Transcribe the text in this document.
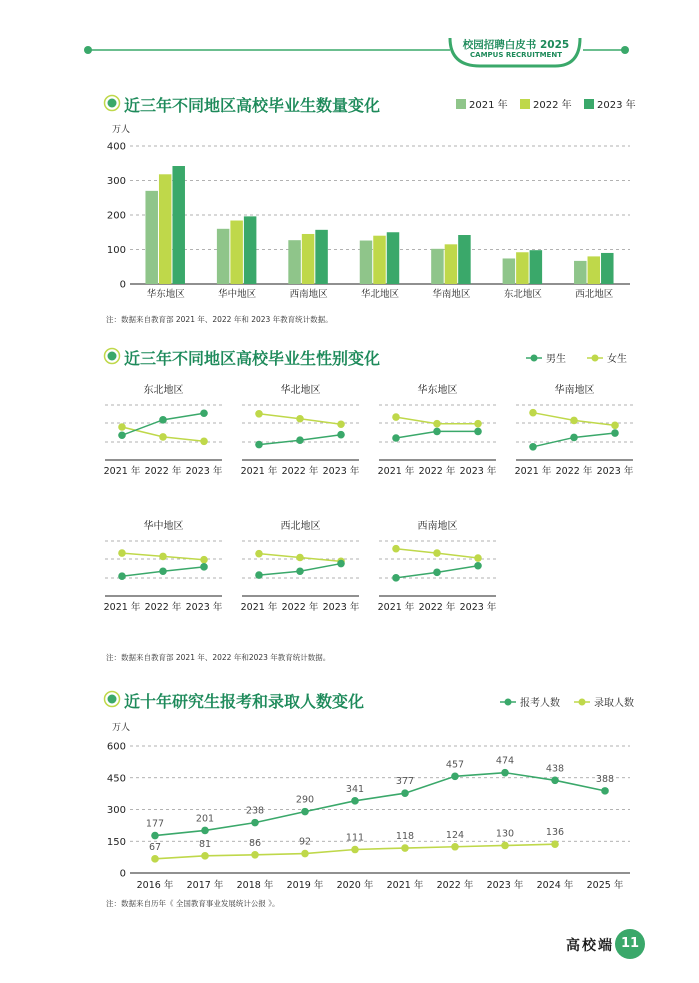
校园招聘白皮书 2025
CAMPUS RECRUITMENT
近三年不同地区高校毕业生数量变化
万人
0
100
200
300
400
华东地区	华中地区	西南地区	华北地区	华南地区	东北地区	西北地区
2021 年	2022 年	2023 年
注：数据来自教育部 2021 年、2022 年和 2023 年教育统计数据。
近三年不同地区高校毕业生性别变化	男生	女生
东北地区
2021 年 2022 年 2023 年
华北地区
2021 年 2022 年 2023 年
华东地区
2021 年 2022 年 2023 年
华南地区
2021 年 2022 年 2023 年
华中地区
2021 年 2022 年 2023 年
西北地区
2021 年 2022 年 2023 年
西南地区
2021 年 2022 年 2023 年
注：数据来自教育部 2021 年、2022 年和2023 年教育统计数据。
近十年研究生报考和录取人数变化
万人
0
150
300
450
600
2016 年 2017 年 2018 年 2019 年 2020 年 2021 年 2022 年 2023 年 2024 年 2025 年
177	201
238
290
341
377
457	474
438
388
67	81	86	92	111	118	124	130	136
报考人数	录取人数
注：数据来自历年《 全国教育事业发展统计公报 》。
高校端 11
